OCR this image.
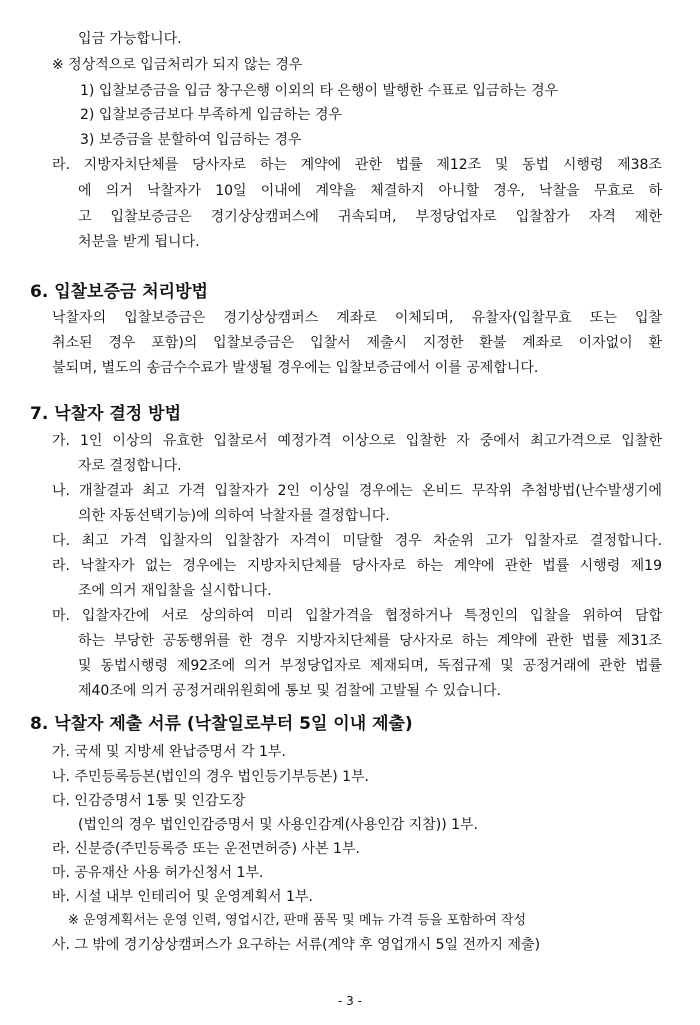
입금 가능합니다.
※ 정상적으로 입금처리가 되지 않는 경우
1) 입찰보증금을 입금 창구은행 이외의 타 은행이 발행한 수표로 입금하는 경우
2) 입찰보증금보다 부족하게 입금하는 경우
3) 보증금을 분할하여 입금하는 경우
라. 지방자치단체를 당사자로 하는 계약에 관한 법률 제12조 및 동법 시행령 제38조
에 의거 낙찰자가 10일 이내에 계약을 체결하지 아니할 경우, 낙찰을 무효로 하
고 입찰보증금은 경기상상캠퍼스에 귀속되며, 부정당업자로 입찰참가 자격 제한
처분을 받게 됩니다.
6. 입찰보증금 처리방법
낙찰자의 입찰보증금은 경기상상캠퍼스 계좌로 이체되며, 유찰자(입찰무효 또는 입찰
취소된 경우 포함)의 입찰보증금은 입찰서 제출시 지정한 환불 계좌로 이자없이 환
불되며, 별도의 송금수수료가 발생될 경우에는 입찰보증금에서 이를 공제합니다.
7. 낙찰자 결정 방법
가. 1인 이상의 유효한 입찰로서 예정가격 이상으로 입찰한 자 중에서 최고가격으로 입찰한
자로 결정합니다.
나. 개찰결과 최고 가격 입찰자가 2인 이상일 경우에는 온비드 무작위 추첨방법(난수발생기에
의한 자동선택기능)에 의하여 낙찰자를 결정합니다.
다. 최고 가격 입찰자의 입찰참가 자격이 미달할 경우 차순위 고가 입찰자로 결정합니다.
라. 낙찰자가 없는 경우에는 지방자치단체를 당사자로 하는 계약에 관한 법률 시행령 제19
조에 의거 재입찰을 실시합니다.
마. 입찰자간에 서로 상의하여 미리 입찰가격을 협정하거나 특정인의 입찰을 위하여 담합
하는 부당한 공동행위를 한 경우 지방자치단체를 당사자로 하는 계약에 관한 법률 제31조
및 동법시행령 제92조에 의거 부정당업자로 제재되며, 독점규제 및 공정거래에 관한 법률
제40조에 의거 공정거래위원회에 통보 및 검찰에 고발될 수 있습니다.
8. 낙찰자 제출 서류 (낙찰일로부터 5일 이내 제출)
가. 국세 및 지방세 완납증명서 각 1부.
나. 주민등록등본(법인의 경우 법인등기부등본) 1부.
다. 인감증명서 1통 및 인감도장
(법인의 경우 법인인감증명서 및 사용인감계(사용인감 지참)) 1부.
라. 신분증(주민등록증 또는 운전면허증) 사본 1부.
마. 공유재산 사용 허가신청서 1부.
바. 시설 내부 인테리어 및 운영계획서 1부.
※ 운영계획서는 운영 인력, 영업시간, 판매 품목 및 메뉴 가격 등을 포함하여 작성
사. 그 밖에 경기상상캠퍼스가 요구하는 서류(계약 후 영업개시 5일 전까지 제출)
- 3 -
